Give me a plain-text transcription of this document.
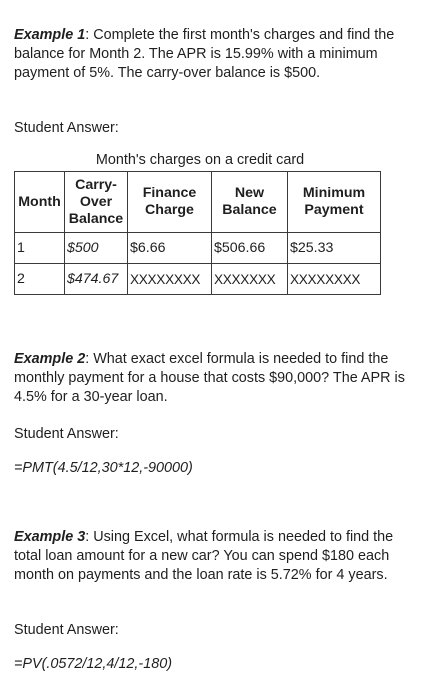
Example 1: Complete the first month's charges and find the balance for Month 2. The APR is 15.99% with a minimum payment of 5%. The carry-over balance is $500.
Student Answer:
Month's charges on a credit card
Month	Carry-Over Balance	Finance Charge	New Balance	Minimum Payment
1	$500	$6.66	$506.66	$25.33
2	$474.67	XXXXXXXX	XXXXXXX	XXXXXXXX
Example 2: What exact excel formula is needed to find the monthly payment for a house that costs $90,000? The APR is 4.5% for a 30-year loan.
Student Answer:
=PMT(4.5/12,30*12,-90000)
Example 3: Using Excel, what formula is needed to find the total loan amount for a new car? You can spend $180 each month on payments and the loan rate is 5.72% for 4 years.
Student Answer:
=PV(.0572/12,4/12,-180)
